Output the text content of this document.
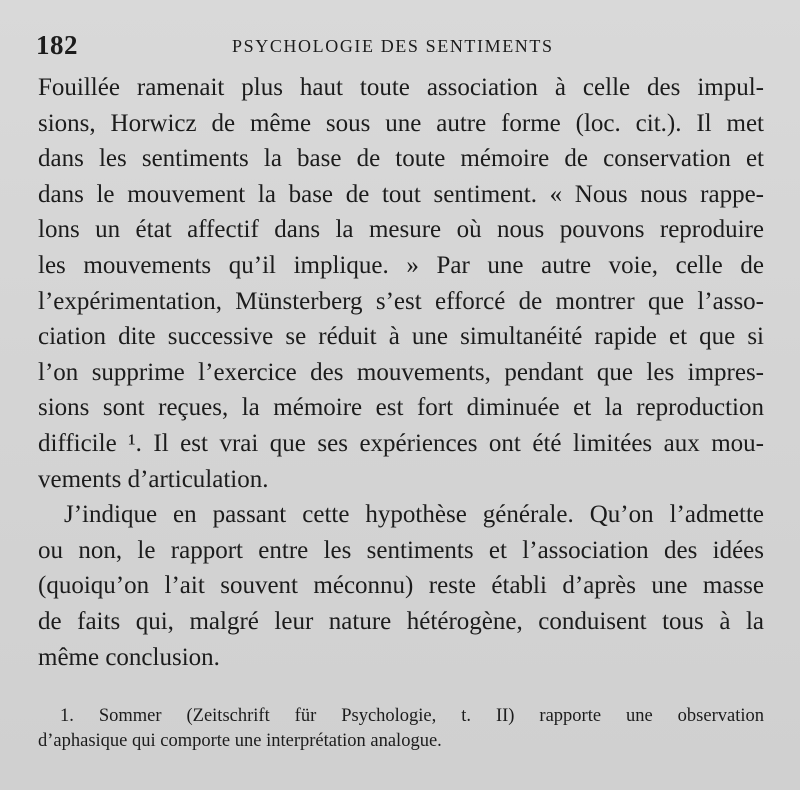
182	PSYCHOLOGIE DES SENTIMENTS
Fouillée ramenait plus haut toute association à celle des impul-
sions, Horwicz de même sous une autre forme (loc. cit.). Il met
dans les sentiments la base de toute mémoire de conservation et
dans le mouvement la base de tout sentiment. « Nous nous rappe-
lons un état affectif dans la mesure où nous pouvons reproduire
les mouvements qu’il implique. » Par une autre voie, celle de
l’expérimentation, Münsterberg s’est efforcé de montrer que l’asso-
ciation dite successive se réduit à une simultanéité rapide et que si
l’on supprime l’exercice des mouvements, pendant que les impres-
sions sont reçues, la mémoire est fort diminuée et la reproduction
difficile ¹. Il est vrai que ses expériences ont été limitées aux mou-
vements d’articulation.
J’indique en passant cette hypothèse générale. Qu’on l’admette
ou non, le rapport entre les sentiments et l’association des idées
(quoiqu’on l’ait souvent méconnu) reste établi d’après une masse
de faits qui, malgré leur nature hétérogène, conduisent tous à la
même conclusion.
1. Sommer (Zeitschrift für Psychologie, t. II) rapporte une observation
d’aphasique qui comporte une interprétation analogue.
